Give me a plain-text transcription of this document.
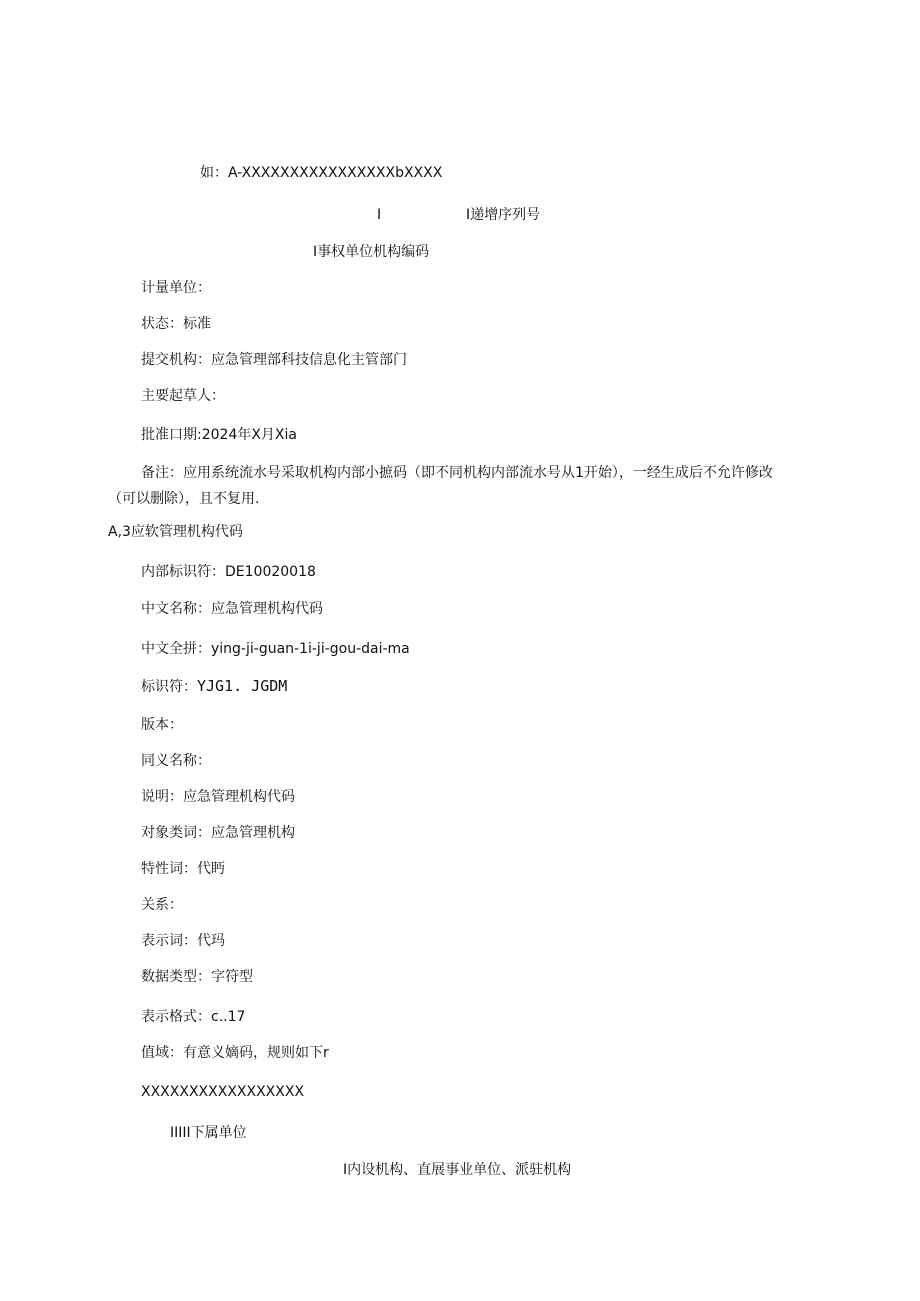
如：A-XXXXXXXXXXXXXXXXbXXXX
I	I递增序列号
I事权单位机构编码
计量单位：
状态：标准
提交机构：应急管理部科技信息化主管部门
主要起草人：
批准口期:2024年X月Xia
备注：应用系统流水号采取机构内部小摭码（即不同机构内部流水号从1开始），一经生成后不允许修改（可以删除），且不复用.
A,3应软管理机构代码
内部标识符：DE10020018
中文名称：应急管理机构代码
中文全拼：ying-ji-guan-1i-ji-gou-dai-ma
标识符：YJG1. JGDM
版本：
同义名称：
说明：应急管理机构代码
对象类词：应急管理机构
特性词：代眄
关系：
表示词：代玛
数据类型：字符型
表示格式：c..17
值域：有意义嫡码，规则如下r
XXXXXXXXXXXXXXXXX
IIIII下属单位
I内设机构、直展事业单位、派驻机构
